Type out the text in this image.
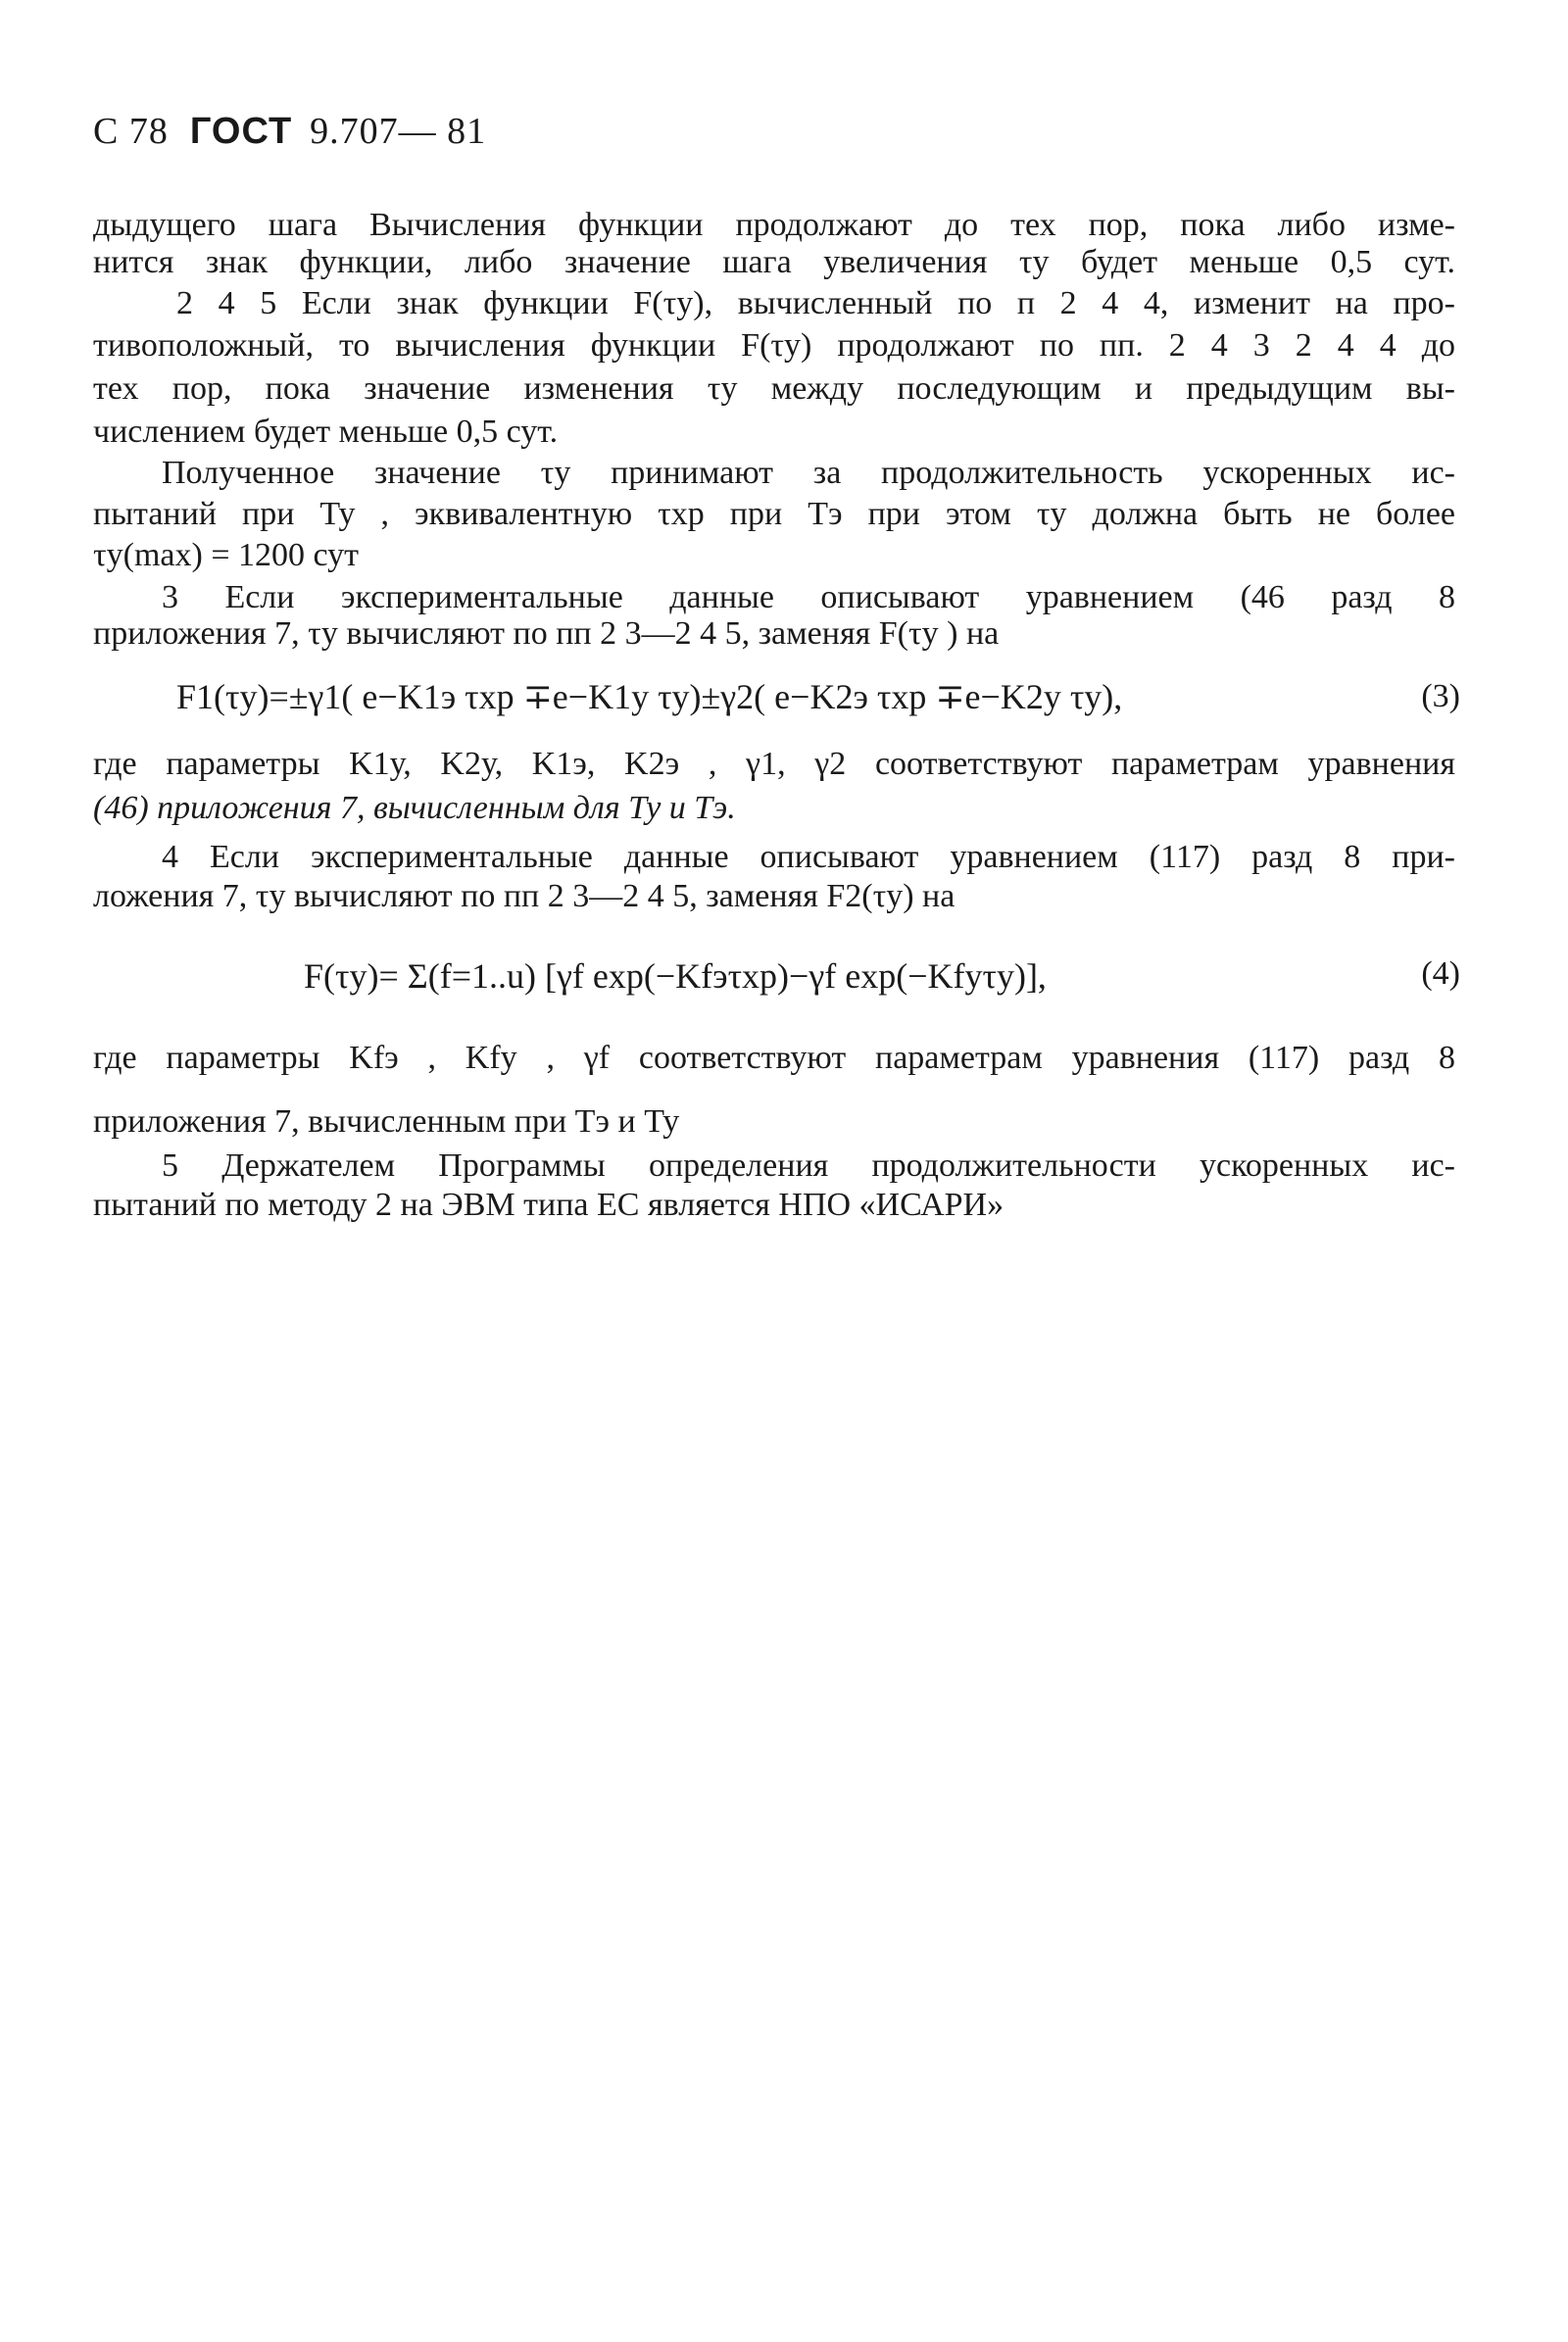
С 78 ГОСТ 9.707— 81
дыдущего шага Вычисления функции продолжают до тех пор, пока либо изме-
нится знак функции, либо значение шага увеличения τу будет меньше 0,5 сут.
2 4 5 Если знак функции F(τу), вычисленный по п 2 4 4, изменит на про-
тивоположный, то вычисления функции F(τу) продолжают по пп. 2 4 3 2 4 4 до
тех пор, пока значение изменения τу между последующим и предыдущим вы-
числением будет меньше 0,5 сут.
Полученное значение τу принимают за продолжительность ускоренных ис-
пытаний при Ту , эквивалентную τхр при Тэ при этом τу должна быть не более
τу(max) = 1200 сут
3 Если экспериментальные данные описывают уравнением (46 разд 8
приложения 7, τу вычисляют по пп 2 3—2 4 5, заменяя F(τу ) на
F1(τу)=±γ1( e−K1э τхр ∓e−K1у τу)±γ2( e−K2э τхр ∓e−K2у τу),	(3)
где параметры K1у, K2у, K1э, K2э , γ1, γ2 соответствуют параметрам уравнения
(46) приложения 7, вычисленным для Ту и Тэ.
4 Если экспериментальные данные описывают уравнением (117) разд 8 при-
ложения 7, τу вычисляют по пп 2 3—2 4 5, заменяя F2(τу) на
F(τу)= Σ(f=1..u) [γf exp(−Kfэτхр)−γf exp(−Kfуτу)],	(4)
где параметры Kfэ , Kfу , γf соответствуют параметрам уравнения (117) разд 8
приложения 7, вычисленным при Тэ и Ту
5 Держателем Программы определения продолжительности ускоренных ис-
пытаний по методу 2 на ЭВМ типа ЕС является НПО «ИСАРИ»
